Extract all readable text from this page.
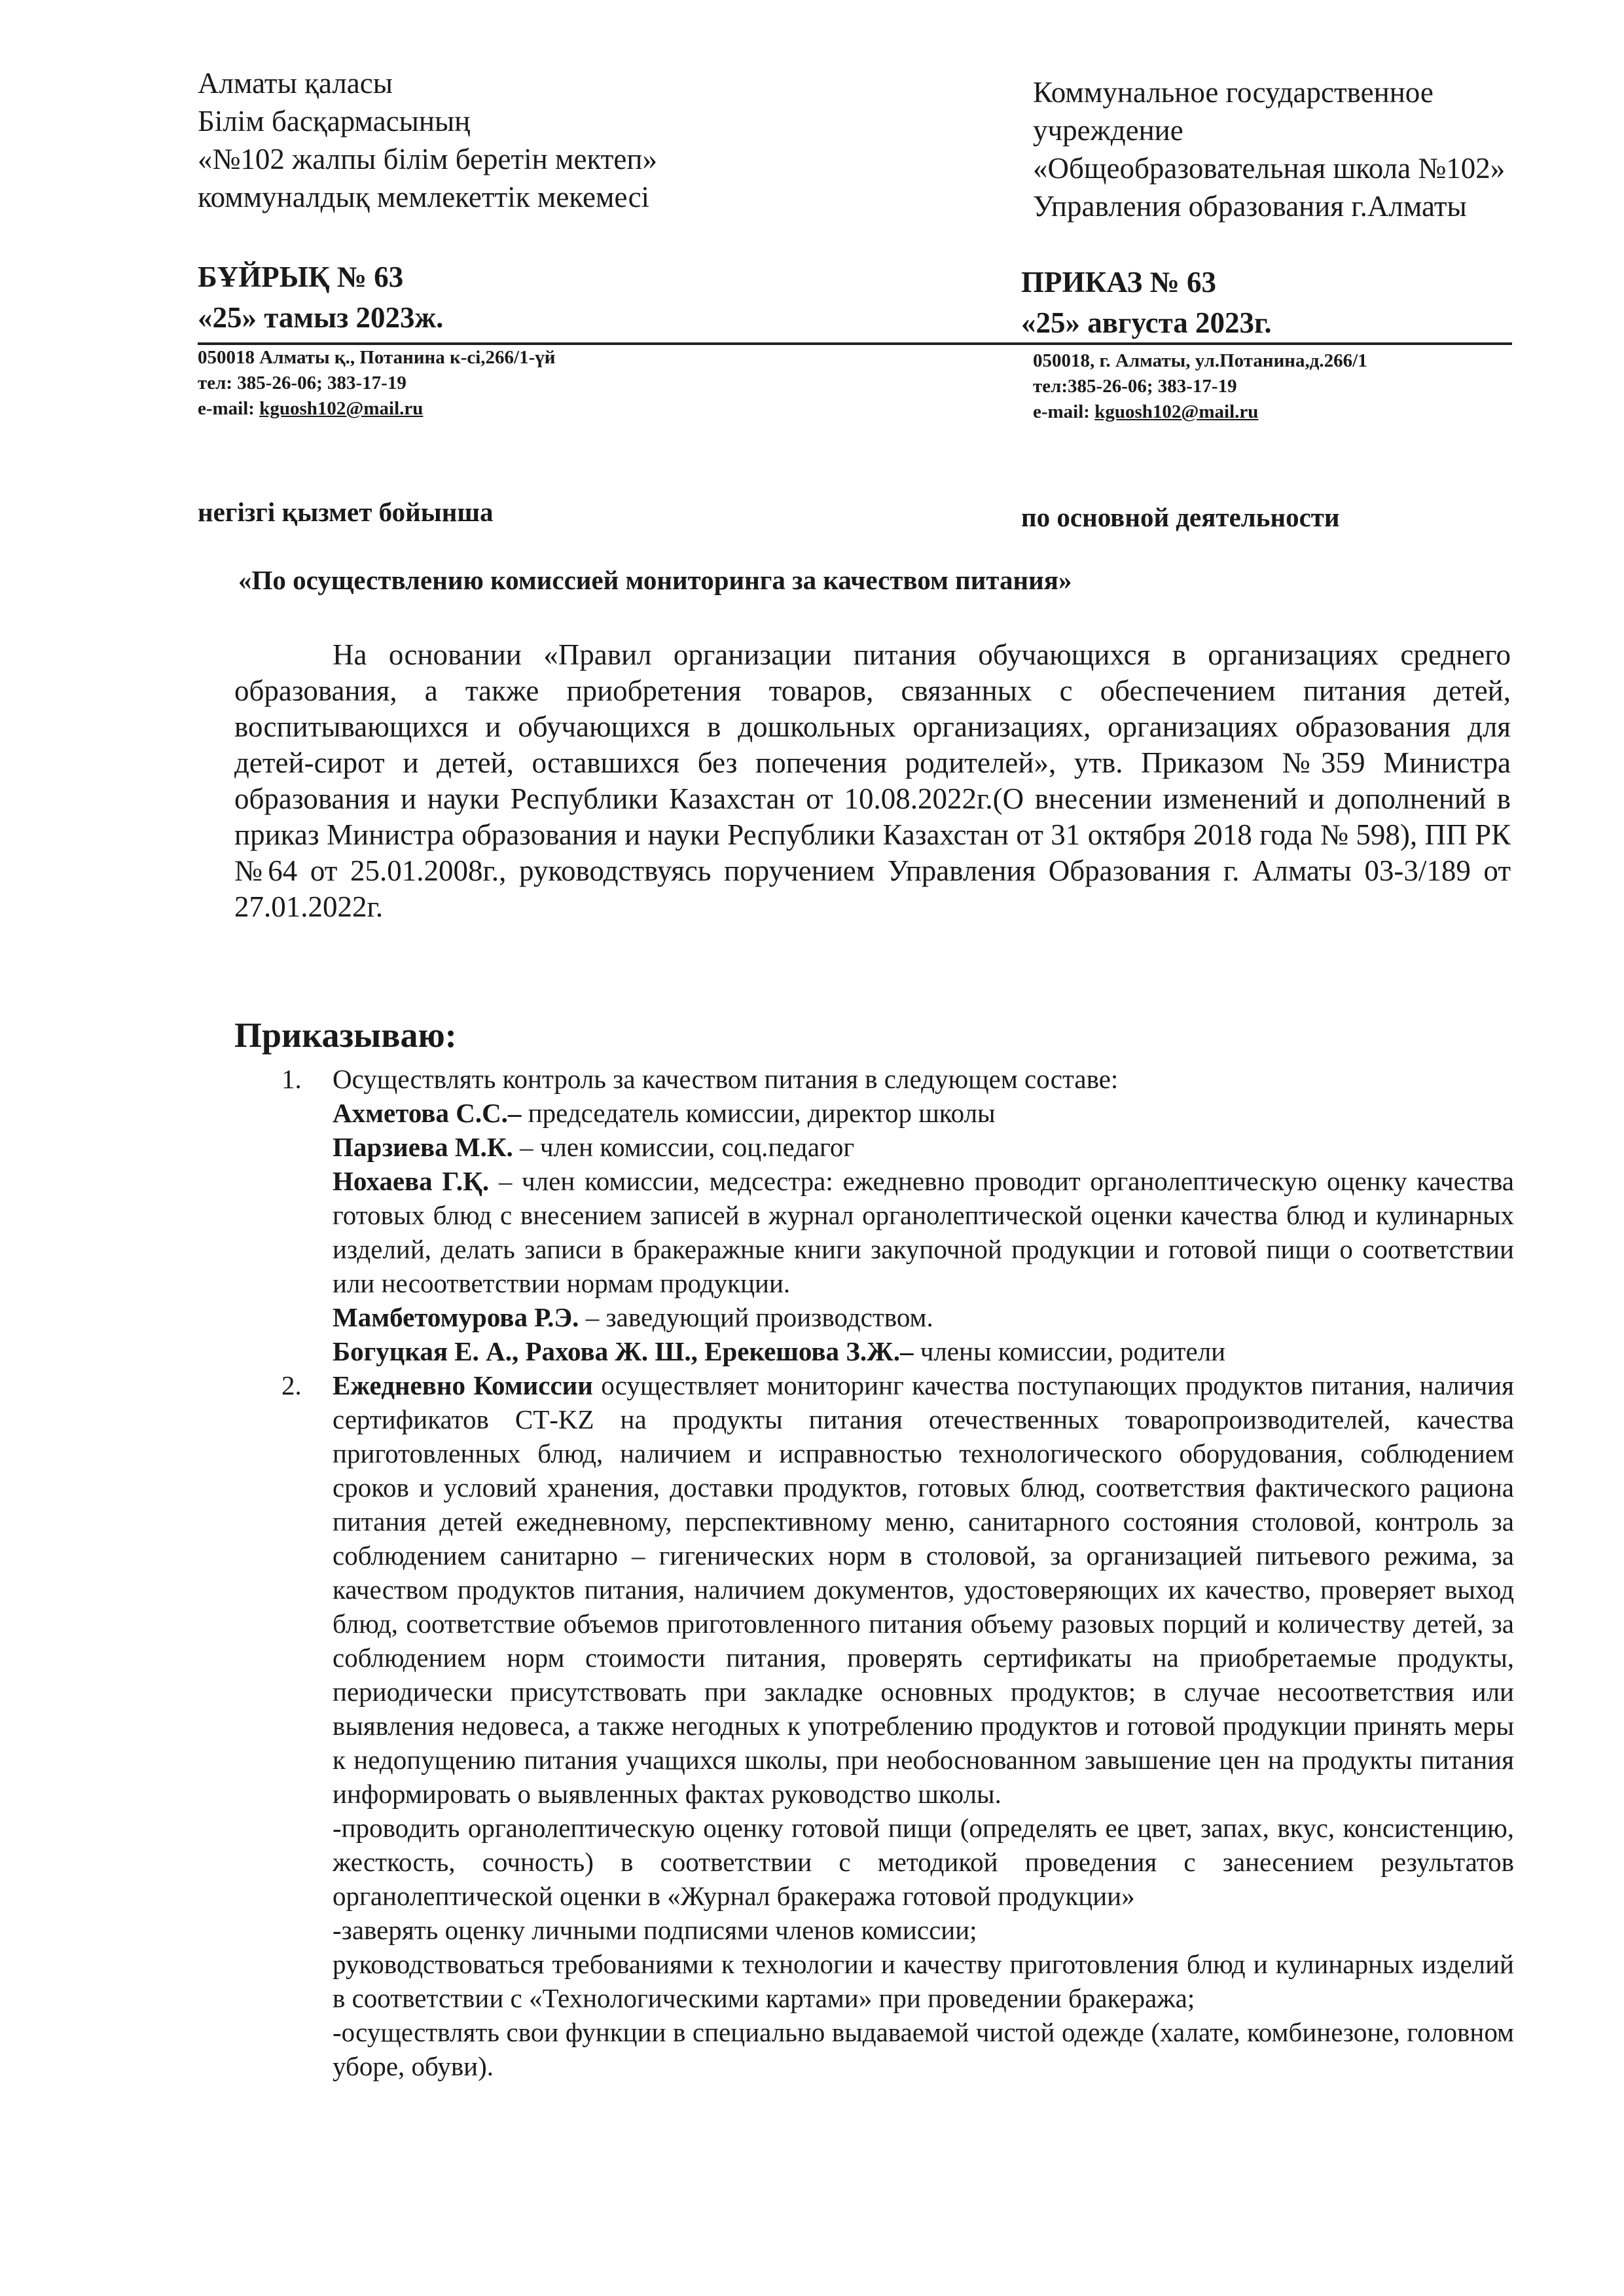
Алматы қаласы
Білім басқармасының
«№102 жалпы білім беретін мектеп»
коммуналдық мемлекеттік мекемесі
Коммунальное государственное
учреждение
«Общеобразовательная школа №102»
Управления образования г.Алматы
БҰЙРЫҚ № 63
«25» тамыз 2023ж.
ПРИКАЗ № 63
«25» августа 2023г.
050018 Алматы қ., Потанина к-сі,266/1-үй
тел: 385-26-06; 383-17-19
e-mail: kguosh102@mail.ru
050018, г. Алматы, ул.Потанина,д.266/1
тел:385-26-06; 383-17-19
e-mail: kguosh102@mail.ru
негізгі қызмет бойынша	по основной деятельности
«По осуществлению комиссией мониторинга за качеством питания»
На основании «Правил организации питания обучающихся в организациях среднего образования, а также приобретения товаров, связанных с обеспечением питания детей, воспитывающихся и обучающихся в дошкольных организациях, организациях образования для детей-сирот и детей, оставшихся без попечения родителей», утв. Приказом №359 Министра образования и науки Республики Казахстан от 10.08.2022г.(О внесении изменений и дополнений в приказ Министра образования и науки Республики Казахстан от 31 октября 2018 года № 598), ПП РК №64 от 25.01.2008г., руководствуясь поручением Управления Образования г. Алматы 03-3/189 от 27.01.2022г.
Приказываю:
1.	Осуществлять контроль за качеством питания в следующем составе:

Ахметова С.С.– председатель комиссии, директор школы

Парзиева М.К. – член комиссии, соц.педагог

Нохаева Г.Қ. – член комиссии, медсестра: ежедневно проводит органолептическую оценку качества готовых блюд с внесением записей в журнал органолептической оценки качества блюд и кулинарных изделий, делать записи в бракеражные книги закупочной продукции и готовой пищи о соответствии или несоответствии нормам продукции.

Мамбетомурова Р.Э. – заведующий производством.

Богуцкая Е. А., Рахова Ж. Ш., Ерекешова З.Ж.– члены комиссии, родители

2.	Ежедневно Комиссии осуществляет мониторинг качества поступающих продуктов питания, наличия сертификатов СТ-KZ на продукты питания отечественных товаропроизводителей, качества приготовленных блюд, наличием и исправностью технологического оборудования, соблюдением сроков и условий хранения, доставки продуктов, готовых блюд, соответствия фактического рациона питания детей ежедневному, перспективному меню, санитарного состояния столовой, контроль за соблюдением санитарно – гигенических норм в столовой, за организацией питьевого режима, за качеством продуктов питания, наличием документов, удостоверяющих их качество, проверяет выход блюд, соответствие объемов приготовленного питания объему разовых порций и количеству детей, за соблюдением норм стоимости питания, проверять сертификаты на приобретаемые продукты, периодически присутствовать при закладке основных продуктов; в случае несоответствия или выявления недовеса, а также негодных к употреблению продуктов и готовой продукции принять меры к недопущению питания учащихся школы, при необоснованном завышение цен на продукты питания информировать о выявленных фактах руководство школы.

-проводить органолептическую оценку готовой пищи (определять ее цвет, запах, вкус, консистенцию, жесткость, сочность) в соответствии с методикой проведения с занесением результатов органолептической оценки в «Журнал бракеража готовой продукции»

-заверять оценку личными подписями членов комиссии;

руководствоваться требованиями к технологии и качеству приготовления блюд и кулинарных изделий в соответствии с «Технологическими картами» при проведении бракеража;

-осуществлять свои функции в специально выдаваемой чистой одежде (халате, комбинезоне, головном уборе, обуви).
